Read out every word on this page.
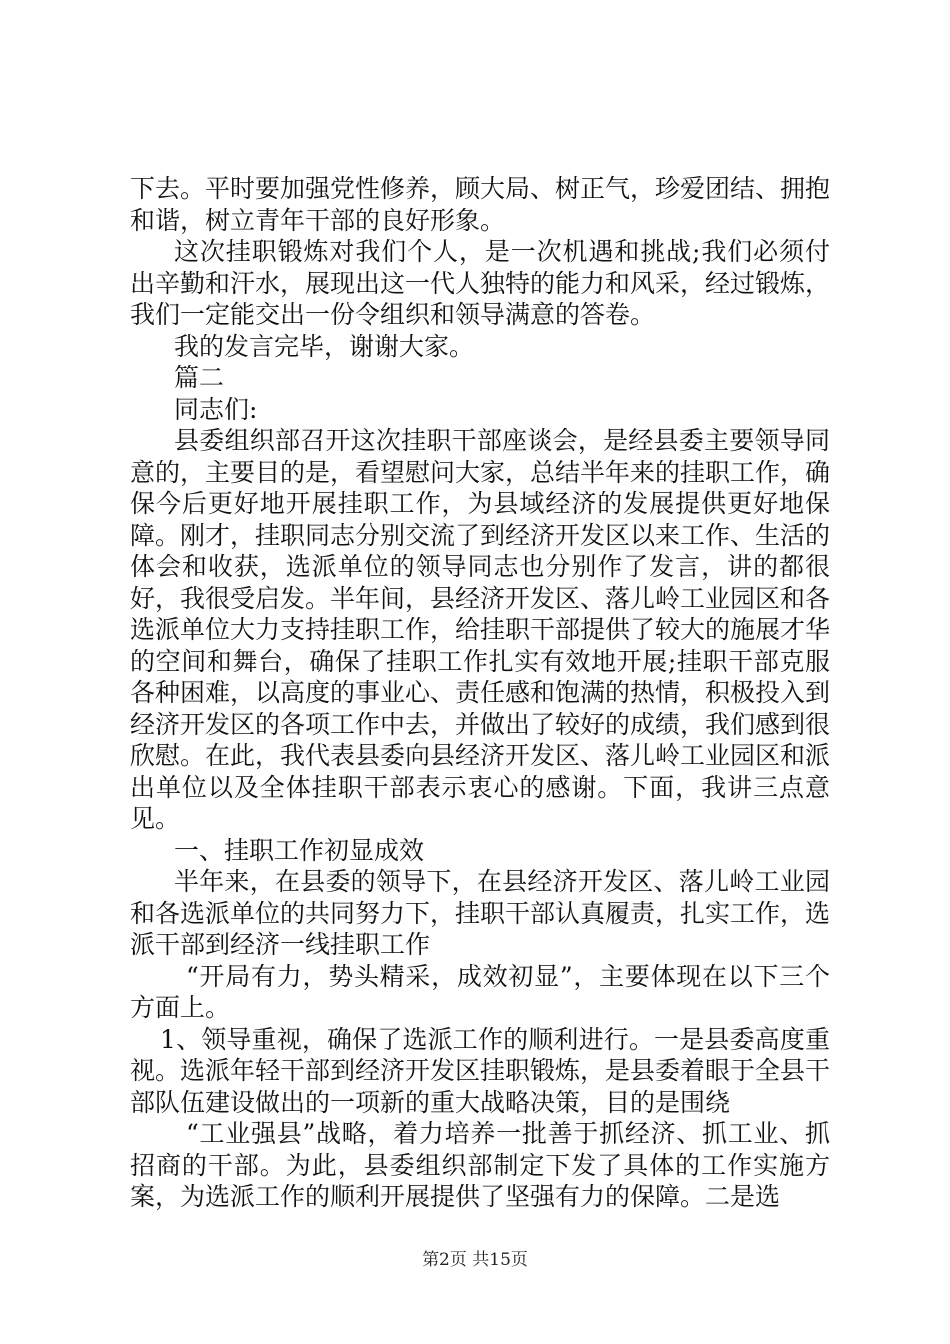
下去。平时要加强党性修养，顾大局、树正气，珍爱团结、拥抱和谐，树立青年干部的良好形象。

这次挂职锻炼对我们个人，是一次机遇和挑战;我们必须付出辛勤和汗水，展现出这一代人独特的能力和风采，经过锻炼，我们一定能交出一份令组织和领导满意的答卷。

我的发言完毕，谢谢大家。

篇二

同志们:

县委组织部召开这次挂职干部座谈会，是经县委主要领导同意的，主要目的是，看望慰问大家，总结半年来的挂职工作，确保今后更好地开展挂职工作，为县域经济的发展提供更好地保障。刚才，挂职同志分别交流了到经济开发区以来工作、生活的体会和收获，选派单位的领导同志也分别作了发言，讲的都很好，我很受启发。半年间，县经济开发区、落儿岭工业园区和各选派单位大力支持挂职工作，给挂职干部提供了较大的施展才华的空间和舞台，确保了挂职工作扎实有效地开展;挂职干部克服各种困难，以高度的事业心、责任感和饱满的热情，积极投入到经济开发区的各项工作中去，并做出了较好的成绩，我们感到很欣慰。在此，我代表县委向县经济开发区、落儿岭工业园区和派出单位以及全体挂职干部表示衷心的感谢。下面，我讲三点意见。

一、挂职工作初显成效

半年来，在县委的领导下，在县经济开发区、落儿岭工业园和各选派单位的共同努力下，挂职干部认真履责，扎实工作，选派干部到经济一线挂职工作

“开局有力，势头精采，成效初显”，主要体现在以下三个方面上。

1、领导重视，确保了选派工作的顺利进行。一是县委高度重视。选派年轻干部到经济开发区挂职锻炼，是县委着眼于全县干部队伍建设做出的一项新的重大战略决策，目的是围绕

“工业强县”战略，着力培养一批善于抓经济、抓工业、抓招商的干部。为此，县委组织部制定下发了具体的工作实施方案，为选派工作的顺利开展提供了坚强有力的保障。二是选

第2页 共15页
